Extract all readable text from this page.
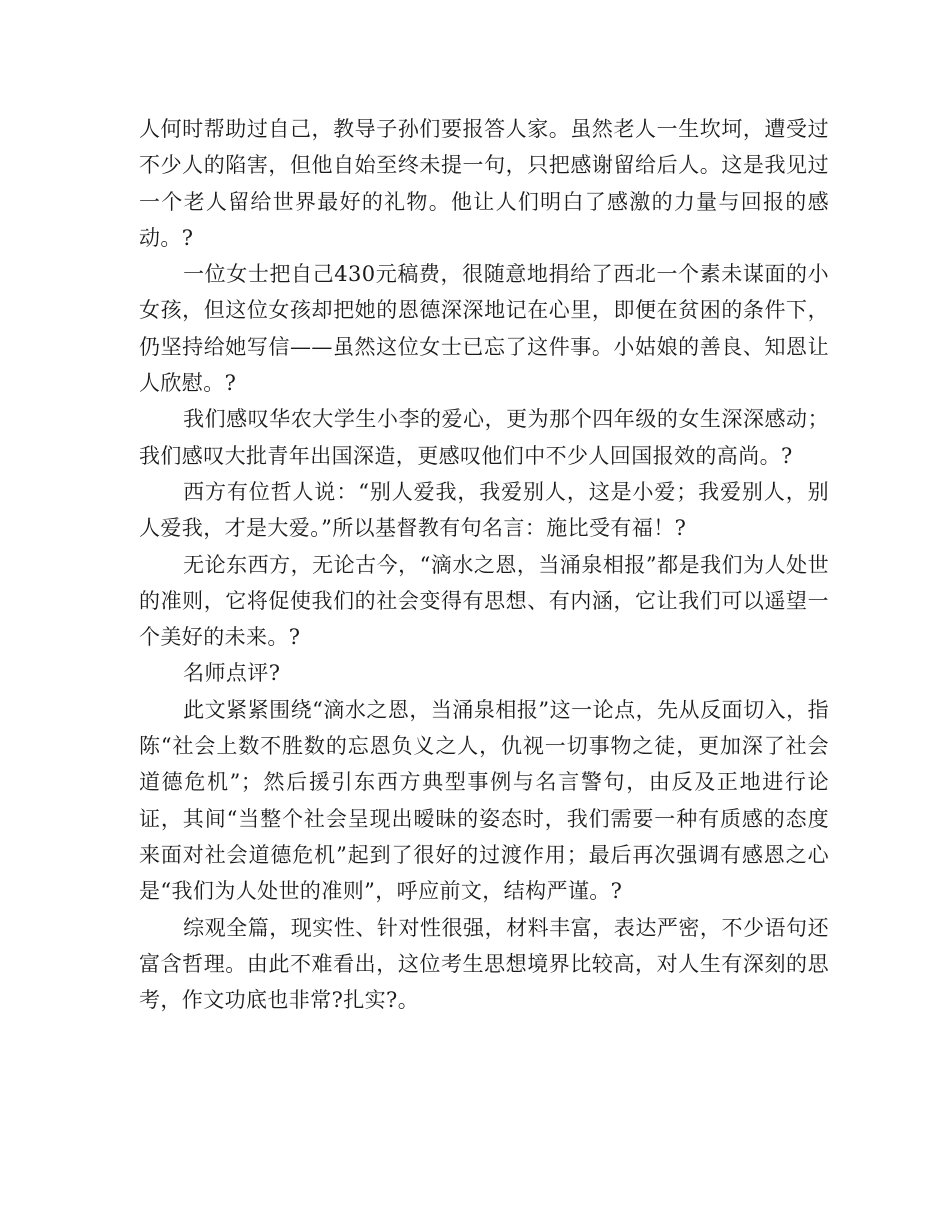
人何时帮助过自己，教导子孙们要报答人家。虽然老人一生坎坷，遭受过不少人的陷害，但他自始至终未提一句，只把感谢留给后人。这是我见过一个老人留给世界最好的礼物。他让人们明白了感激的力量与回报的感动。?

一位女士把自己430元稿费，很随意地捐给了西北一个素未谋面的小女孩，但这位女孩却把她的恩德深深地记在心里，即便在贫困的条件下，仍坚持给她写信——虽然这位女士已忘了这件事。小姑娘的善良、知恩让人欣慰。?

我们感叹华农大学生小李的爱心，更为那个四年级的女生深深感动；我们感叹大批青年出国深造，更感叹他们中不少人回国报效的高尚。?

西方有位哲人说：“别人爱我，我爱别人，这是小爱；我爱别人，别人爱我，才是大爱。”所以基督教有句名言：施比受有福！?

无论东西方，无论古今，“滴水之恩，当涌泉相报”都是我们为人处世的准则，它将促使我们的社会变得有思想、有内涵，它让我们可以遥望一个美好的未来。?

名师点评?

此文紧紧围绕“滴水之恩，当涌泉相报”这一论点，先从反面切入，指陈“社会上数不胜数的忘恩负义之人，仇视一切事物之徒，更加深了社会道德危机”；然后援引东西方典型事例与名言警句，由反及正地进行论证，其间“当整个社会呈现出暧昧的姿态时，我们需要一种有质感的态度来面对社会道德危机”起到了很好的过渡作用；最后再次强调有感恩之心是“我们为人处世的准则”，呼应前文，结构严谨。?

综观全篇，现实性、针对性很强，材料丰富，表达严密，不少语句还富含哲理。由此不难看出，这位考生思想境界比较高，对人生有深刻的思考，作文功底也非常?扎实?。
